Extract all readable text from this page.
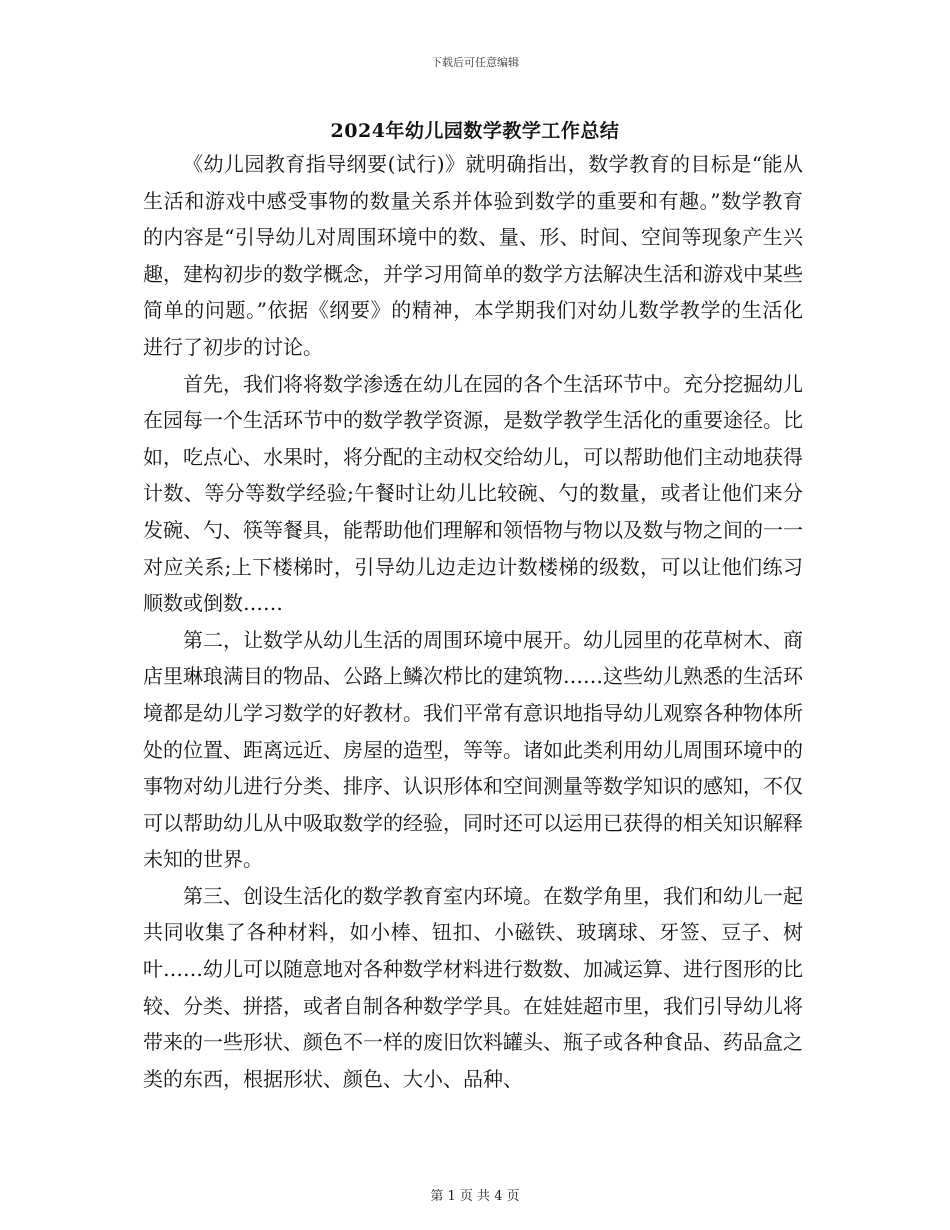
下载后可任意编辑
2024年幼儿园数学教学工作总结

《幼儿园教育指导纲要(试行)》就明确指出，数学教育的目标是“能从生活和游戏中感受事物的数量关系并体验到数学的重要和有趣。”数学教育的内容是“引导幼儿对周围环境中的数、量、形、时间、空间等现象产生兴趣，建构初步的数学概念，并学习用简单的数学方法解决生活和游戏中某些简单的问题。”依据《纲要》的精神，本学期我们对幼儿数学教学的生活化进行了初步的讨论。

首先，我们将将数学渗透在幼儿在园的各个生活环节中。充分挖掘幼儿在园每一个生活环节中的数学教学资源，是数学教学生活化的重要途径。比如，吃点心、水果时，将分配的主动权交给幼儿，可以帮助他们主动地获得计数、等分等数学经验;午餐时让幼儿比较碗、勺的数量，或者让他们来分发碗、勺、筷等餐具，能帮助他们理解和领悟物与物以及数与物之间的一一对应关系;上下楼梯时，引导幼儿边走边计数楼梯的级数，可以让他们练习顺数或倒数……

第二，让数学从幼儿生活的周围环境中展开。幼儿园里的花草树木、商店里琳琅满目的物品、公路上鳞次栉比的建筑物……这些幼儿熟悉的生活环境都是幼儿学习数学的好教材。我们平常有意识地指导幼儿观察各种物体所处的位置、距离远近、房屋的造型，等等。诸如此类利用幼儿周围环境中的事物对幼儿进行分类、排序、认识形体和空间测量等数学知识的感知，不仅可以帮助幼儿从中吸取数学的经验，同时还可以运用已获得的相关知识解释未知的世界。

第三、创设生活化的数学教育室内环境。在数学角里，我们和幼儿一起共同收集了各种材料，如小棒、钮扣、小磁铁、玻璃球、牙签、豆子、树叶……幼儿可以随意地对各种数学材料进行数数、加减运算、进行图形的比较、分类、拼搭，或者自制各种数学学具。在娃娃超市里，我们引导幼儿将带来的一些形状、颜色不一样的废旧饮料罐头、瓶子或各种食品、药品盒之类的东西，根据形状、颜色、大小、品种、

第 1 页 共 4 页
